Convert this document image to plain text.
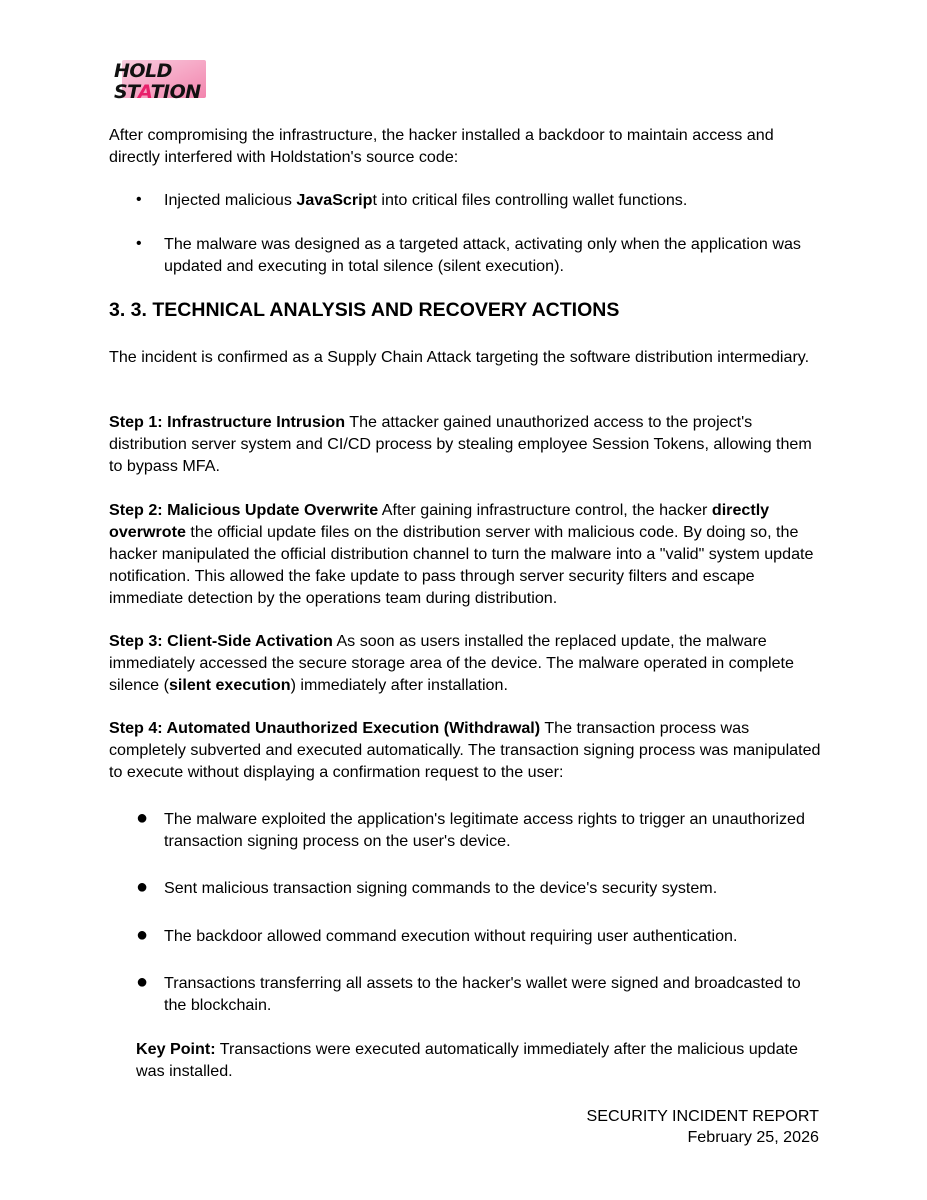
HOLD
STATION

After compromising the infrastructure, the hacker installed a backdoor to maintain access and directly interfered with Holdstation's source code:

•	Injected malicious JavaScript into critical files controlling wallet functions.

•	The malware was designed as a targeted attack, activating only when the application was updated and executing in total silence (silent execution).

3. 3. TECHNICAL ANALYSIS AND RECOVERY ACTIONS

The incident is confirmed as a Supply Chain Attack targeting the software distribution intermediary.

Step 1: Infrastructure Intrusion The attacker gained unauthorized access to the project's distribution server system and CI/CD process by stealing employee Session Tokens, allowing them to bypass MFA.

Step 2: Malicious Update Overwrite After gaining infrastructure control, the hacker directly overwrote the official update files on the distribution server with malicious code. By doing so, the hacker manipulated the official distribution channel to turn the malware into a "valid" system update notification. This allowed the fake update to pass through server security filters and escape immediate detection by the operations team during distribution.

Step 3: Client-Side Activation As soon as users installed the replaced update, the malware immediately accessed the secure storage area of the device. The malware operated in complete silence (silent execution) immediately after installation.

Step 4: Automated Unauthorized Execution (Withdrawal) The transaction process was completely subverted and executed automatically. The transaction signing process was manipulated to execute without displaying a confirmation request to the user:

● The malware exploited the application's legitimate access rights to trigger an unauthorized transaction signing process on the user's device.

● Sent malicious transaction signing commands to the device's security system.

● The backdoor allowed command execution without requiring user authentication.

● Transactions transferring all assets to the hacker's wallet were signed and broadcasted to the blockchain.

Key Point: Transactions were executed automatically immediately after the malicious update was installed.

SECURITY INCIDENT REPORT
February 25, 2026
